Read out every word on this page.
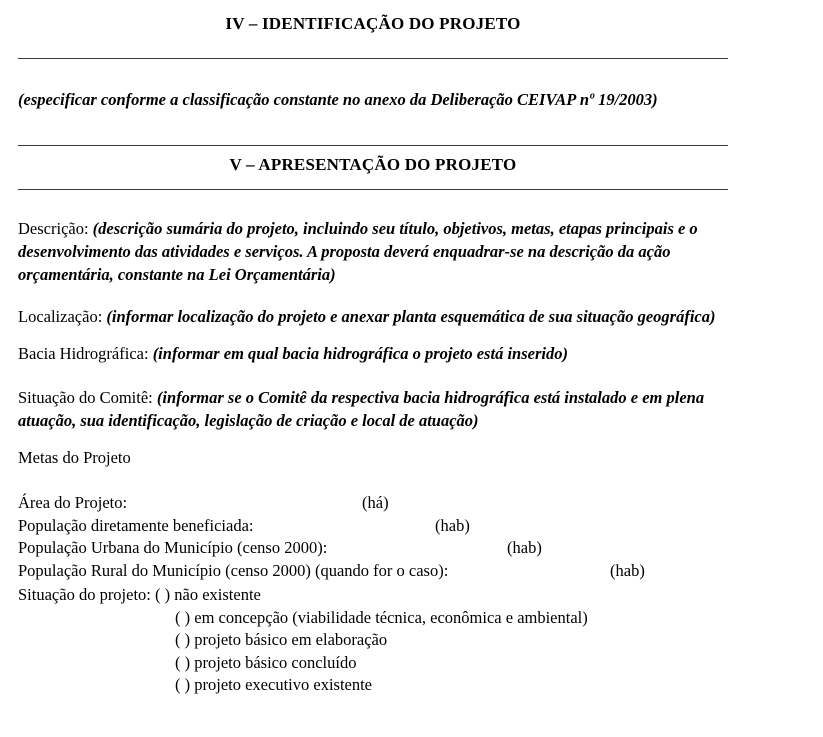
IV – IDENTIFICAÇÃO DO PROJETO
(especificar conforme a classificação constante no anexo da Deliberação CEIVAP nº 19/2003)
V – APRESENTAÇÃO DO PROJETO
Descrição: (descrição sumária do projeto, incluindo seu título, objetivos, metas, etapas principais e o desenvolvimento das atividades e serviços. A proposta deverá enquadrar-se na descrição da ação orçamentária, constante na Lei Orçamentária)
Localização: (informar localização do projeto e anexar planta esquemática de sua situação geográfica)
Bacia Hidrográfica: (informar em qual bacia hidrográfica o projeto está inserido)
Situação do Comitê: (informar se o Comitê da respectiva bacia hidrográfica está instalado e em plena atuação, sua identificação, legislação de criação e local de atuação)
Metas do Projeto
Área do Projeto:	(há)
População diretamente beneficiada:	(hab)
População Urbana do Município (censo 2000):	(hab)
População Rural do Município (censo 2000) (quando for o caso):	(hab)
Situação do projeto: ( ) não existente
( ) em concepção (viabilidade técnica, econômica e ambiental)
( ) projeto básico em elaboração
( ) projeto básico concluído
( ) projeto executivo existente
